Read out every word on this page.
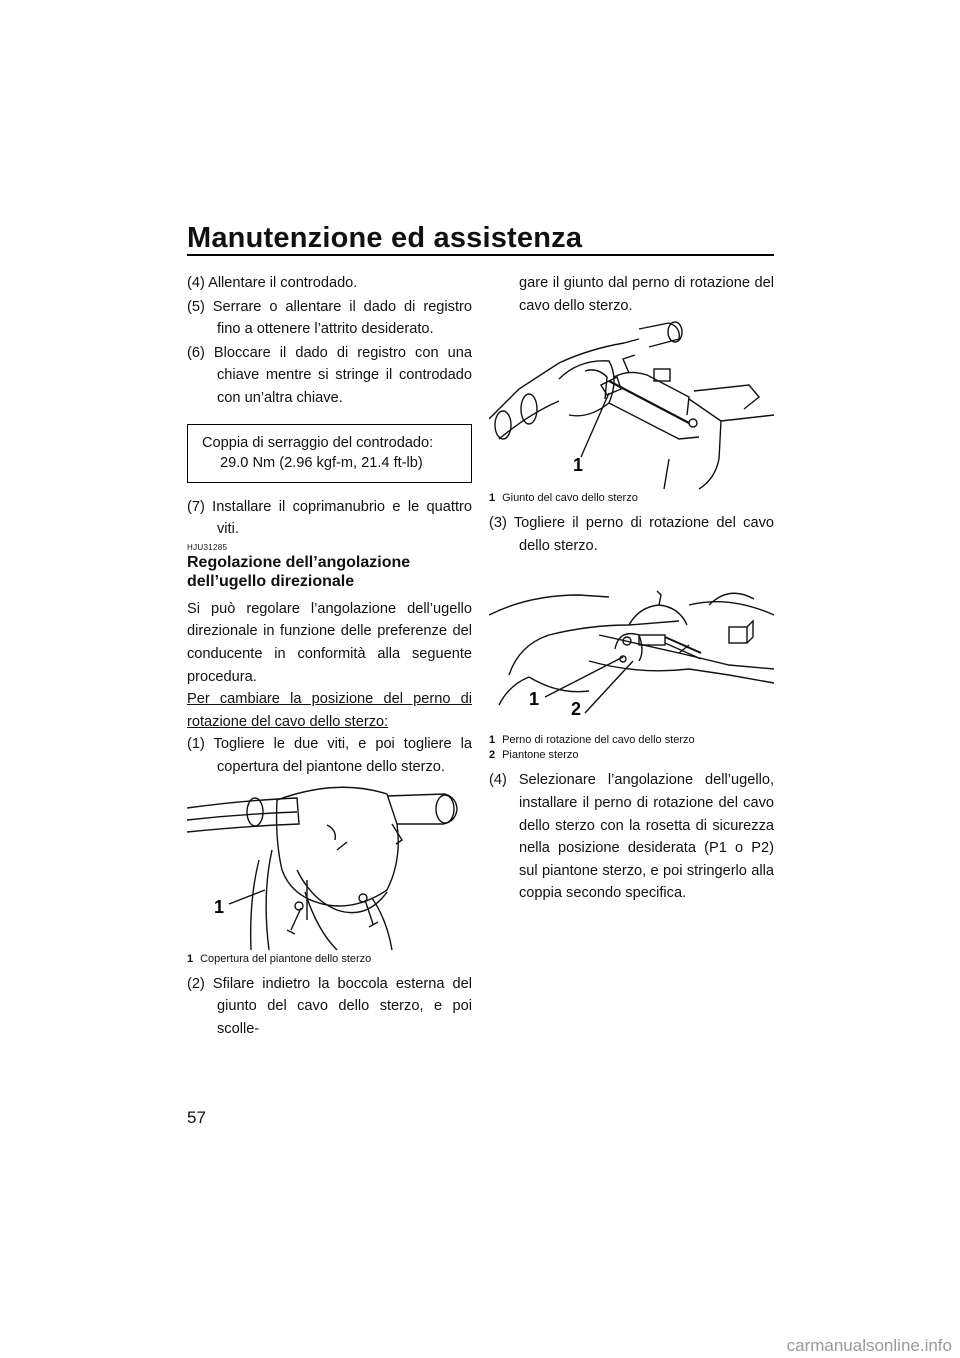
Manutenzione ed assistenza

(4) Allentare il controdado.

(5) Serrare o allentare il dado di registro fino a ottenere l’attrito desiderato.

(6) Bloccare il dado di registro con una chiave mentre si stringe il controdado con un’altra chiave.

Coppia di serraggio del controdado:
29.0 Nm (2.96 kgf-m, 21.4 ft-lb)

(7) Installare il coprimanubrio e le quattro viti.

HJU31285
Regolazione dell’angolazione dell’ugello direzionale

Si può regolare l’angolazione dell’ugello direzionale in funzione delle preferenze del conducente in conformità alla seguente procedura.

Per cambiare la posizione del perno di rotazione del cavo dello sterzo:

(1) Togliere le due viti, e poi togliere la copertura del piantone dello sterzo.

1

1 Copertura del piantone dello sterzo

(2) Sfilare indietro la boccola esterna del giunto del cavo dello sterzo, e poi scolle-

gare il giunto dal perno di rotazione del cavo dello sterzo.

1

1 Giunto del cavo dello sterzo

(3) Togliere il perno di rotazione del cavo dello sterzo.

1 2

1 Perno di rotazione del cavo dello sterzo

2 Piantone sterzo

(4) Selezionare l’angolazione dell’ugello, installare il perno di rotazione del cavo dello sterzo con la rosetta di sicurezza nella posizione desiderata (P1 o P2) sul piantone sterzo, e poi stringerlo alla coppia secondo specifica.

57
carmanualsonline.info
